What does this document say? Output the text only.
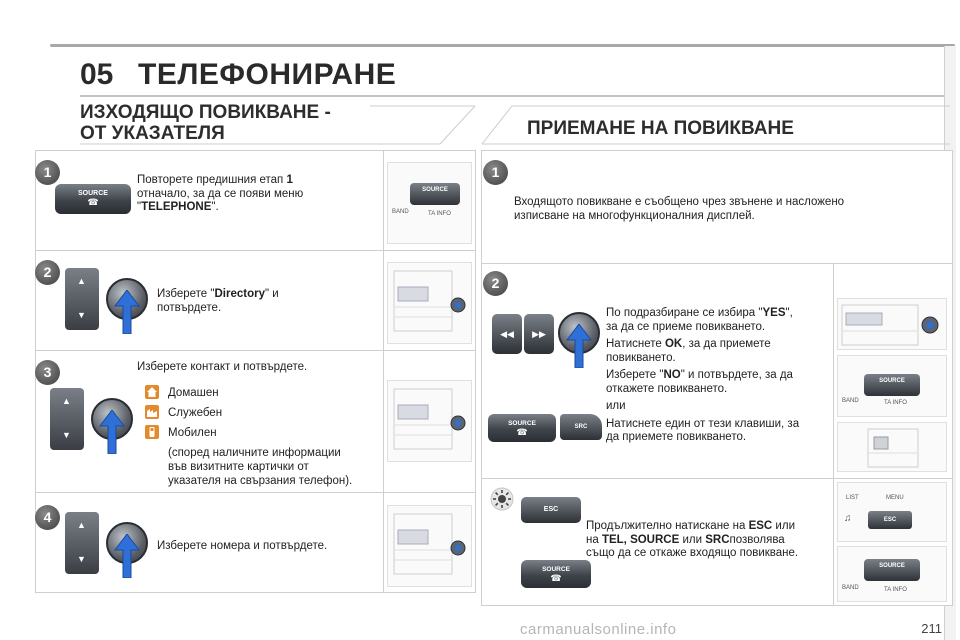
05 ТЕЛЕФОНИРАНЕ
ИЗХОДЯЩО ПОВИКВАНЕ -
ОТ УКАЗАТЕЛЯ	ПРИЕМАНЕ НА ПОВИКВАНЕ
1
SOURCE
☎
Повторете предишния етап 1
отначало, за да се появи меню
"TELEPHONE".
SOURCE
BAND	TA INFO
2
▲
▼
Изберете "Directory" и
потвърдете.
3	Изберете контакт и потвърдете.
▲
▼
Домашен
Служебен
Мобилен
(според наличните информации
във визитните картички от
указателя на свързания телефон).
4	▲
▼
Изберете номера и потвърдете.
1
Входящото повикване е съобщено чрез звънене и насложено
изписване на многофункционалния дисплей.
2
◀◀	▶▶
SOURCE
☎	SRC

По подразбиране се избира "YES",
за да се приеме повикването.

Натиснете OK, за да приемете
повикването.

Изберете "NO" и потвърдете, за да
откажете повикването.

или

Натиснете един от тези клавиши, за
да приемете повикването.

SOURCE
BAND	TA INFO
ESC
SOURCE
☎
Продължително натискане на ESC или
на TEL, SOURCE или SRCпозволява
също да се откаже входящо повикване.
LIST	MENU
♫	ESC
SOURCE
BAND	TA INFO
carmanualsonline.info	211
